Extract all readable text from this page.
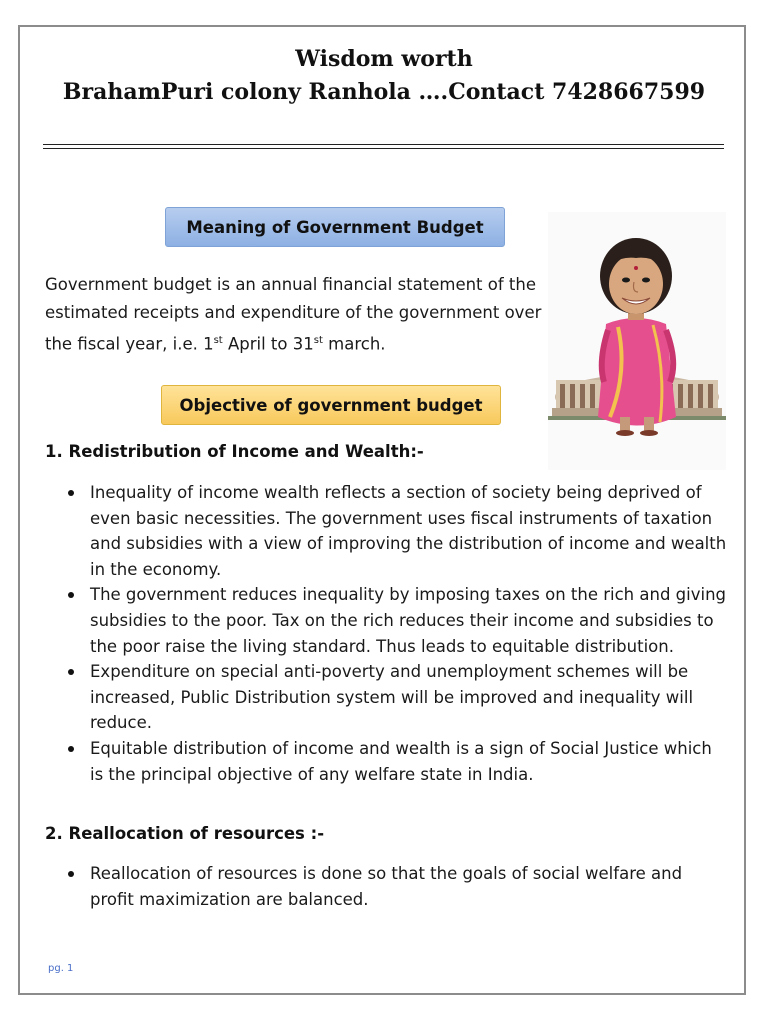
Wisdom worth
BrahamPuri colony Ranhola ….Contact 7428667599
Meaning of Government Budget
Government budget is an annual financial statement of the estimated receipts and expenditure of the government over the fiscal year, i.e. 1st April to 31st march.
Objective of government budget
1. Redistribution of Income and Wealth:-
Inequality of income wealth reflects a section of society being deprived of even basic necessities. The government uses fiscal instruments of taxation and subsidies with a view of improving the distribution of income and wealth in the economy.
The government reduces inequality by imposing taxes on the rich and giving subsidies to the poor. Tax on the rich reduces their income and subsidies to the poor raise the living standard. Thus leads to equitable distribution.
Expenditure on special anti-poverty and unemployment schemes will be increased, Public Distribution system will be improved and inequality will reduce.
Equitable distribution of income and wealth is a sign of Social Justice which is the principal objective of any welfare state in India.
2. Reallocation of resources :-
Reallocation of resources is done so that the goals of social welfare and profit maximization are balanced.
pg. 1
